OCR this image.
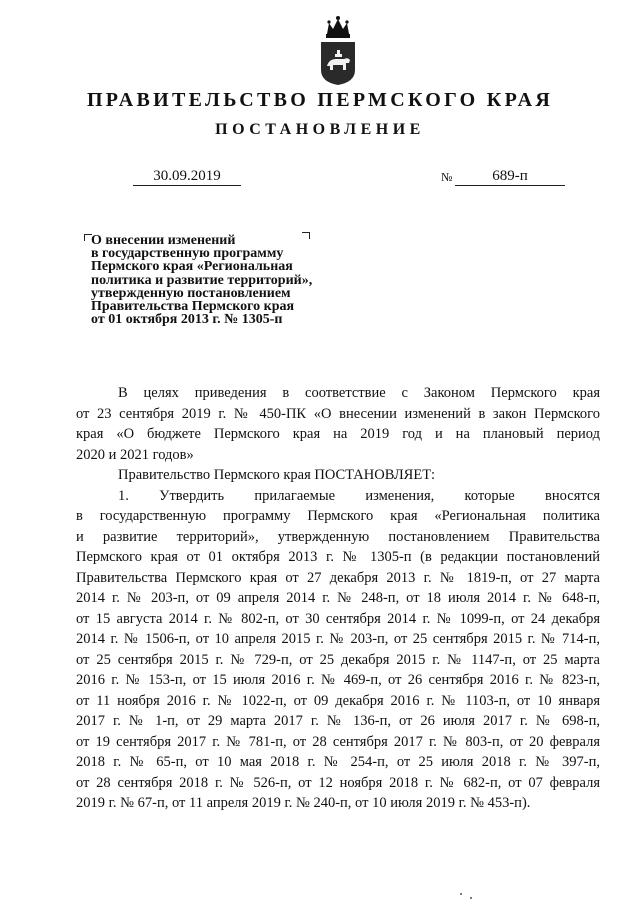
ПРАВИТЕЛЬСТВО ПЕРМСКОГО КРАЯ
ПОСТАНОВЛЕНИЕ
30.09.2019	№	689-п
О внесении изменений
в государственную программу
Пермского края «Региональная
политика и развитие территорий»,
утвержденную постановлением
Правительства Пермского края
от 01 октября 2013 г. № 1305-п
В целях приведения в соответствие с Законом Пермского края
от 23 сентября 2019 г. № 450-ПК «О внесении изменений в закон Пермского
края «О бюджете Пермского края на 2019 год и на плановый период
2020 и 2021 годов»
Правительство Пермского края ПОСТАНОВЛЯЕТ:
1. Утвердить прилагаемые изменения, которые вносятся
в государственную программу Пермского края «Региональная политика
и развитие территорий», утвержденную постановлением Правительства
Пермского края от 01 октября 2013 г. № 1305-п (в редакции постановлений
Правительства Пермского края от 27 декабря 2013 г. № 1819-п, от 27 марта
2014 г. № 203-п, от 09 апреля 2014 г. № 248-п, от 18 июля 2014 г. № 648-п,
от 15 августа 2014 г. № 802-п, от 30 сентября 2014 г. № 1099-п, от 24 декабря
2014 г. № 1506-п, от 10 апреля 2015 г. № 203-п, от 25 сентября 2015 г. № 714-п,
от 25 сентября 2015 г. № 729-п, от 25 декабря 2015 г. № 1147-п, от 25 марта
2016 г. № 153-п, от 15 июля 2016 г. № 469-п, от 26 сентября 2016 г. № 823-п,
от 11 ноября 2016 г. № 1022-п, от 09 декабря 2016 г. № 1103-п, от 10 января
2017 г. № 1-п, от 29 марта 2017 г. № 136-п, от 26 июля 2017 г. № 698-п,
от 19 сентября 2017 г. № 781-п, от 28 сентября 2017 г. № 803-п, от 20 февраля
2018 г. № 65-п, от 10 мая 2018 г. № 254-п, от 25 июля 2018 г. № 397-п,
от 28 сентября 2018 г. № 526-п, от 12 ноября 2018 г. № 682-п, от 07 февраля
2019 г. № 67-п, от 11 апреля 2019 г. № 240-п, от 10 июля 2019 г. № 453-п).
